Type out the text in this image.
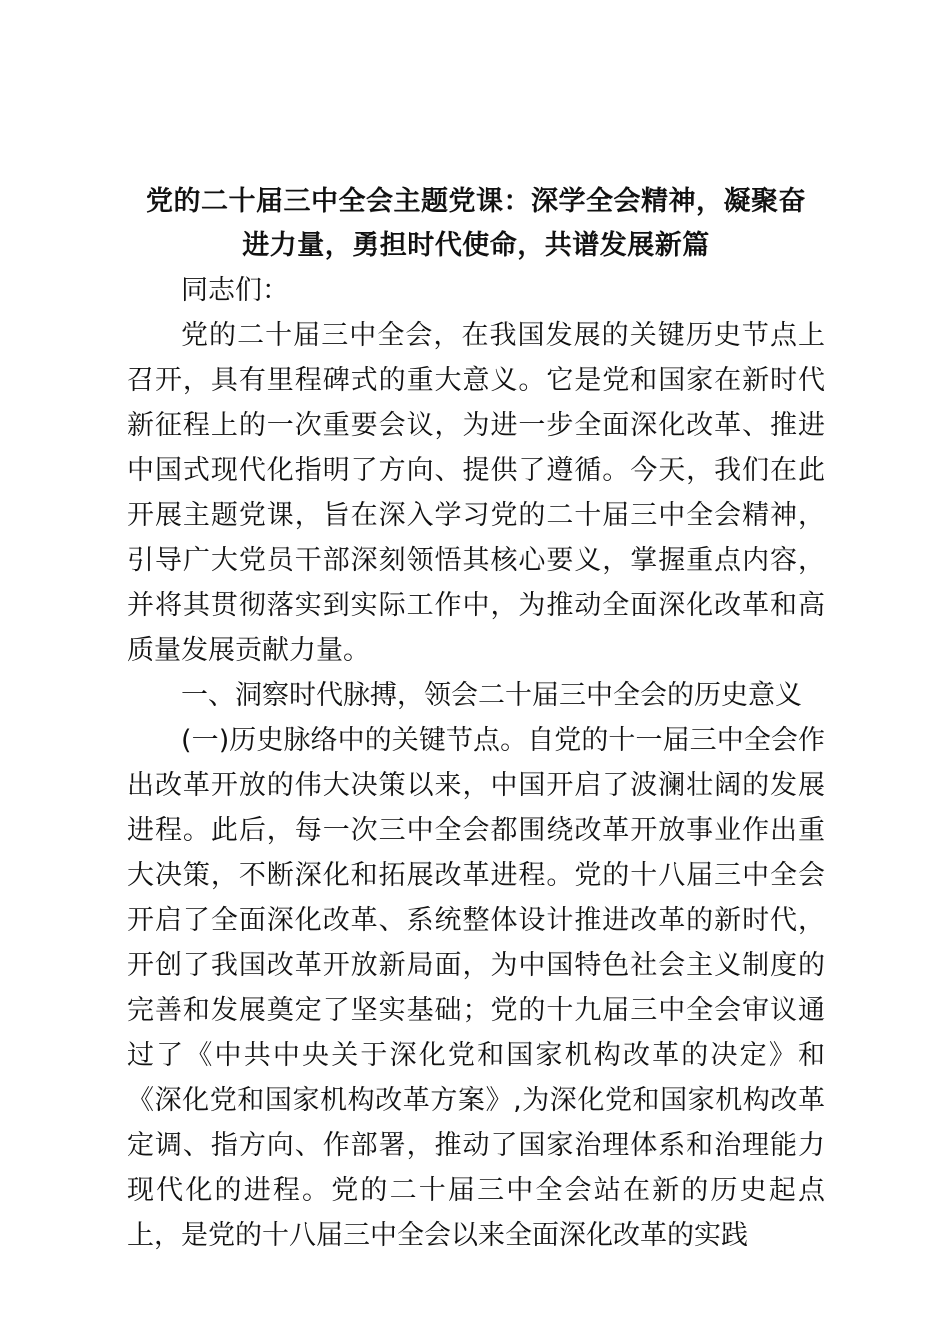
党的二十届三中全会主题党课：深学全会精神，凝聚奋
进力量，勇担时代使命，共谱发展新篇

同志们：

党的二十届三中全会，在我国发展的关键历史节点上召开，具有里程碑式的重大意义。它是党和国家在新时代新征程上的一次重要会议，为进一步全面深化改革、推进中国式现代化指明了方向、提供了遵循。今天，我们在此开展主题党课，旨在深入学习党的二十届三中全会精神，引导广大党员干部深刻领悟其核心要义，掌握重点内容，并将其贯彻落实到实际工作中，为推动全面深化改革和高质量发展贡献力量。

一、洞察时代脉搏，领会二十届三中全会的历史意义

(一)历史脉络中的关键节点。自党的十一届三中全会作出改革开放的伟大决策以来，中国开启了波澜壮阔的发展进程。此后，每一次三中全会都围绕改革开放事业作出重大决策，不断深化和拓展改革进程。党的十八届三中全会开启了全面深化改革、系统整体设计推进改革的新时代，开创了我国改革开放新局面，为中国特色社会主义制度的完善和发展奠定了坚实基础；党的十九届三中全会审议通过了《中共中央关于深化党和国家机构改革的决定》和《深化党和国家机构改革方案》,为深化党和国家机构改革定调、指方向、作部署，推动了国家治理体系和治理能力现代化的进程。党的二十届三中全会站在新的历史起点上，是党的十八届三中全会以来全面深化改革的实践
